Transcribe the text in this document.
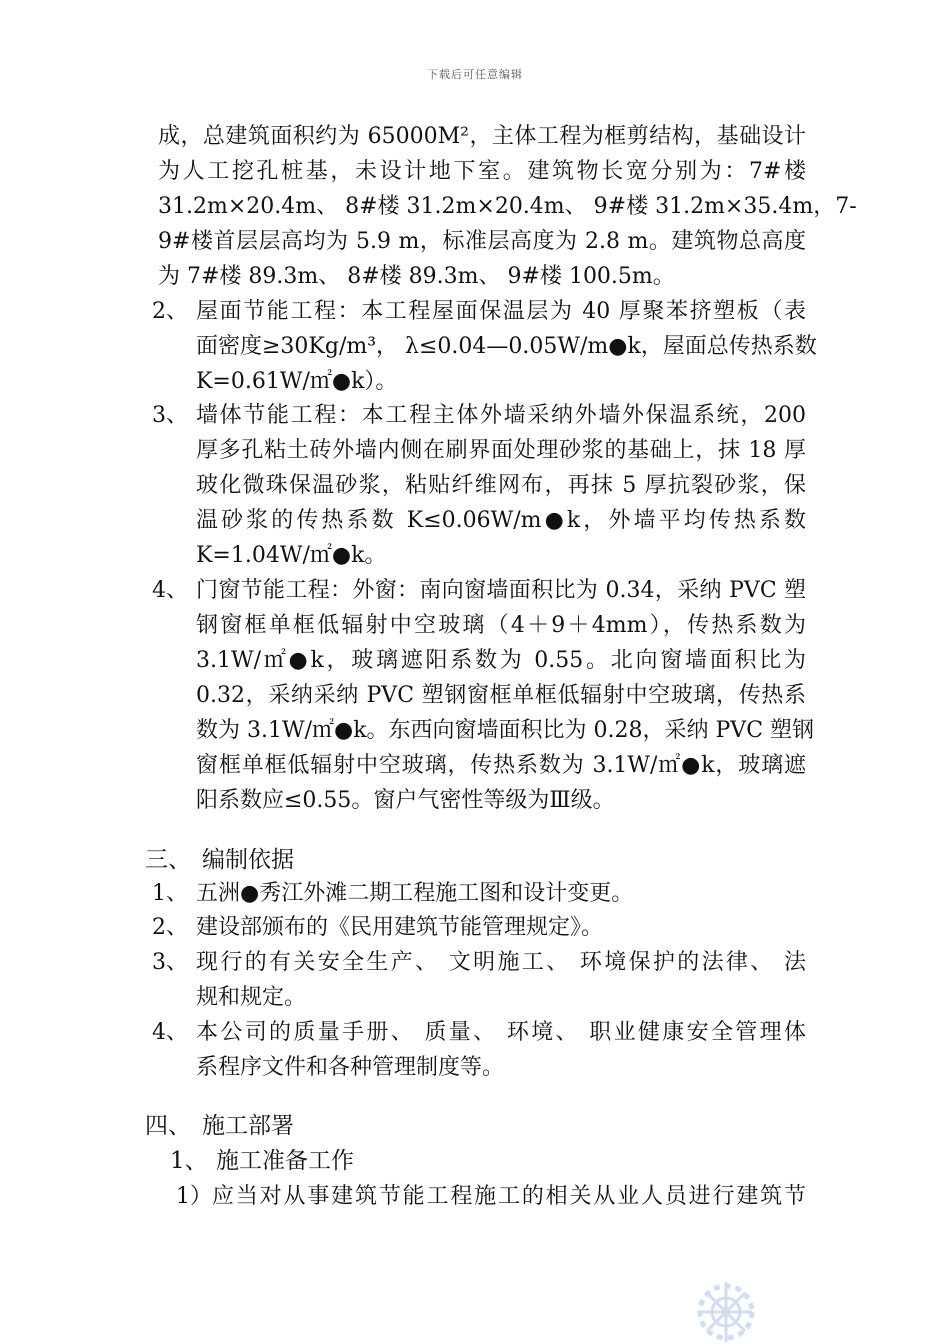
下载后可任意编辑
成，总建筑面积约为 65000M²，主体工程为框剪结构，基础设计
为人工挖孔桩基，未设计地下室。建筑物长宽分别为：7#楼
31.2m×20.4m、 8#楼 31.2m×20.4m、 9#楼 31.2m×35.4m，7-
9#楼首层层高均为 5.9 m，标准层高度为 2.8 m。建筑物总高度
为 7#楼 89.3m、 8#楼 89.3m、 9#楼 100.5m。
2、 屋面节能工程：本工程屋面保温层为 40 厚聚苯挤塑板（表
面密度≥30Kg/m³， λ≤0.04—0.05W/m●k，屋面总传热系数
K=0.61W/㎡●k）。
3、 墙体节能工程：本工程主体外墙采纳外墙外保温系统，200
厚多孔粘土砖外墙内侧在刷界面处理砂浆的基础上，抹 18 厚
玻化微珠保温砂浆，粘贴纤维网布，再抹 5 厚抗裂砂浆，保
温砂浆的传热系数 K≤0.06W/m●k，外墙平均传热系数
K=1.04W/㎡●k。
4、 门窗节能工程：外窗：南向窗墙面积比为 0.34，采纳 PVC 塑
钢窗框单框低辐射中空玻璃（4＋9＋4mm），传热系数为
3.1W/㎡●k，玻璃遮阳系数为 0.55。北向窗墙面积比为
0.32，采纳采纳 PVC 塑钢窗框单框低辐射中空玻璃，传热系
数为 3.1W/㎡●k。东西向窗墙面积比为 0.28，采纳 PVC 塑钢
窗框单框低辐射中空玻璃，传热系数为 3.1W/㎡●k，玻璃遮
阳系数应≤0.55。窗户气密性等级为Ⅲ级。
三、 编制依据
1、 五洲●秀江外滩二期工程施工图和设计变更。
2、 建设部颁布的《民用建筑节能管理规定》。
3、 现行的有关安全生产、 文明施工、 环境保护的法律、 法
规和规定。
4、 本公司的质量手册、 质量、 环境、 职业健康安全管理体
系程序文件和各种管理制度等。
四、 施工部署
1、 施工准备工作
1） 应当对从事建筑节能工程施工的相关从业人员进行建筑节
